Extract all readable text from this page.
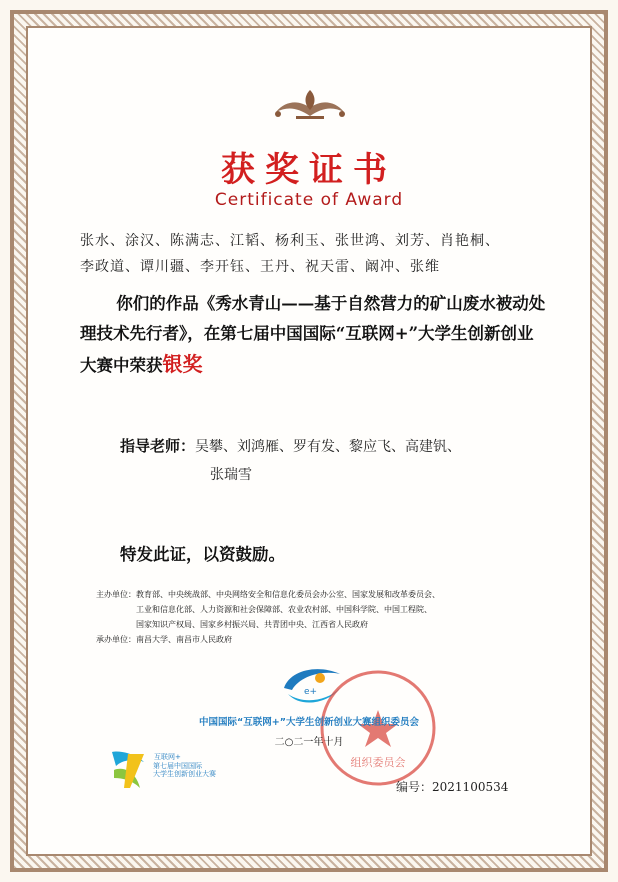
获奖证书
Certificate of Award
张水、涂汉、陈满志、江韬、杨利玉、张世鸿、刘芳、肖艳桐、
李政道、谭川疆、李开钰、王丹、祝天雷、阚冲、张维
你们的作品《秀水青山——基于自然营力的矿山废水被动处理技术先行者》，在第七届中国国际“互联网+”大学生创新创业大赛中荣获银奖
指导老师：吴攀、刘鸿雁、罗有发、黎应飞、高建钒、
张瑞雪
特发此证，以资鼓励。
主办单位： 教育部、中央统战部、中央网络安全和信息化委员会办公室、国家发展和改革委员会、
工业和信息化部、人力资源和社会保障部、农业农村部、中国科学院、中国工程院、
国家知识产权局、国家乡村振兴局、共青团中央、江西省人民政府
承办单位： 南昌大学、南昌市人民政府
e+
组织委员会
中国国际“互联网+”大学生创新创业大赛组织委员会
二○二一年十月
互联网+
第七届中国国际
大学生创新创业大赛
编号：2021100534
